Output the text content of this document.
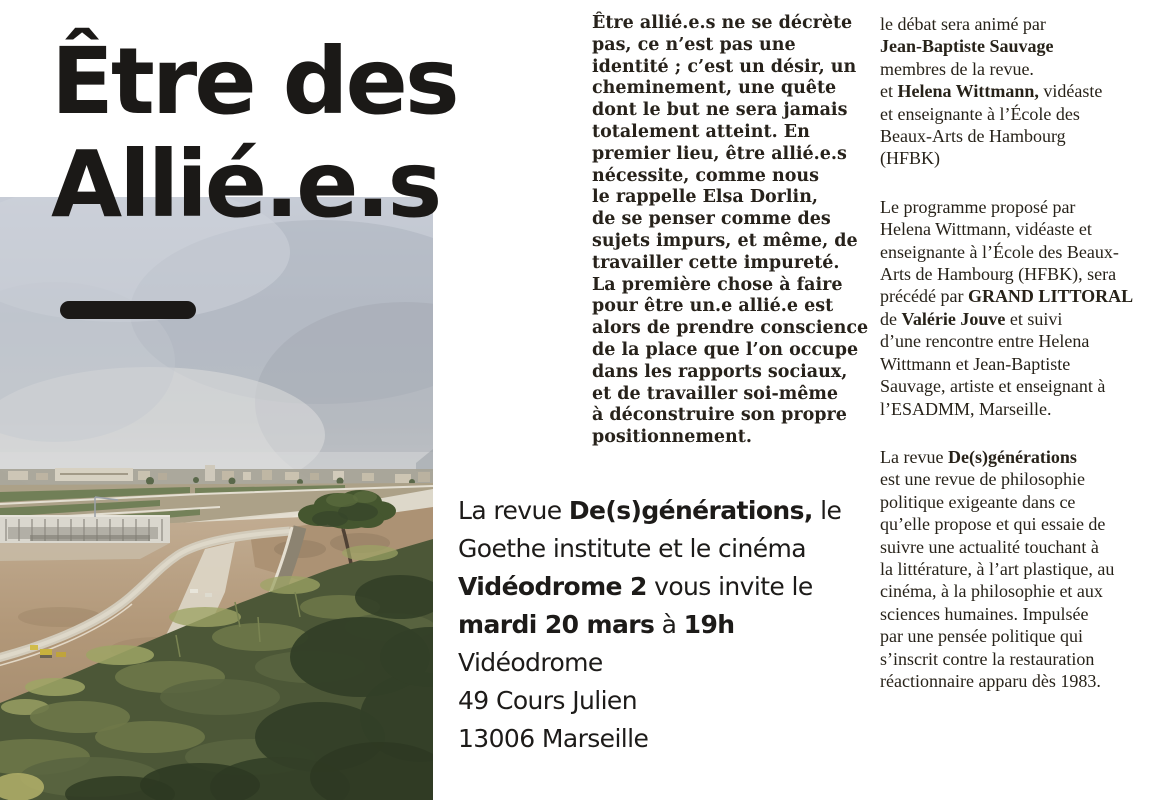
Être des
Allié.e.s
Être allié.e.s ne se décrète
pas, ce n’est pas une
identité ; c’est un désir, un
cheminement, une quête
dont le but ne sera jamais
totalement atteint. En
premier lieu, être allié.e.s
nécessite, comme nous
le rappelle Elsa Dorlin,
de se penser comme des
sujets impurs, et même, de
travailler cette impureté.
La première chose à faire
pour être un.e allié.e est
alors de prendre conscience
de la place que l’on occupe
dans les rapports sociaux,
et de travailler soi-même
à déconstruire son propre
positionnement.
La revue De(s)générations, le
Goethe institute et le cinéma
Vidéodrome 2 vous invite le
mardi 20 mars à 19h
Vidéodrome
49 Cours Julien
13006 Marseille
le débat sera animé par
Jean-Baptiste Sauvage
membres de la revue.
et Helena Wittmann, vidéaste
et enseignante à l’École des
Beaux-Arts de Hambourg
(HFBK)
Le programme proposé par
Helena Wittmann, vidéaste et
enseignante à l’École des Beaux-
Arts de Hambourg (HFBK), sera
précédé par GRAND LITTORAL
de Valérie Jouve et suivi
d’une rencontre entre Helena
Wittmann et Jean-Baptiste
Sauvage, artiste et enseignant à
l’ESADMM, Marseille.
La revue De(s)générations
est une revue de philosophie
politique exigeante dans ce
qu’elle propose et qui essaie de
suivre une actualité touchant à
la littérature, à l’art plastique, au
cinéma, à la philosophie et aux
sciences humaines. Impulsée
par une pensée politique qui
s’inscrit contre la restauration
réactionnaire apparu dès 1983.
